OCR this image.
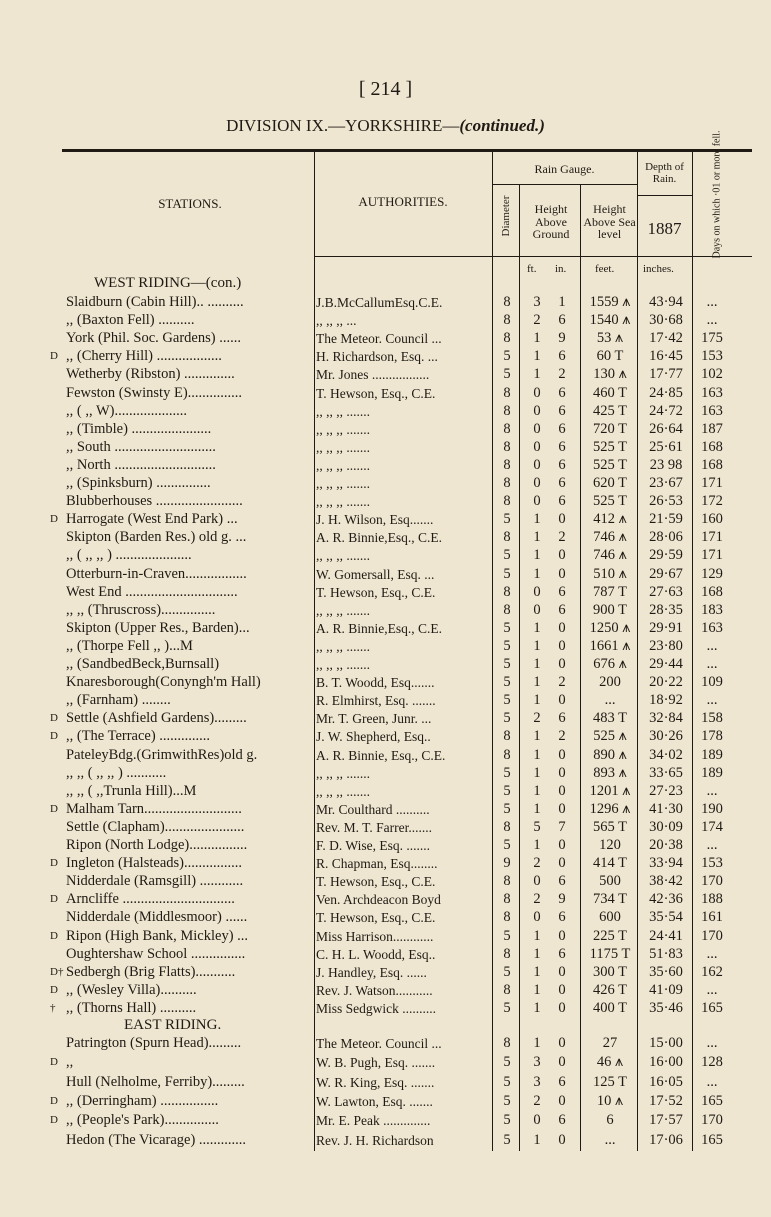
[ 214 ]
DIVISION IX.—YORKSHIRE—(continued.)
STATIONS.	AUTHORITIES.
Rain Gauge.
Diameter	Height Above Ground
Height Above Sea level
Depth of Rain.
1887	Days on which ·01 or more fell.
ft. in.	feet.	inches.
WEST RIDING—(con.)
Slaidburn (Cabin Hill).. ..........	J.B.McCallumEsq.C.E.	8	3	1	1559 ⩚	43·94	...
,, (Baxton Fell) ..........	,, ,, ,, ...	8	2	6	1540 ⩚	30·68	...
York (Phil. Soc. Gardens) ......	The Meteor. Council ...	8	1	9	53 ⩚	17·42	175
D ,, (Cherry Hill) ..................	H. Richardson, Esq. ...	5	1	6	60 T	16·45	153
Wetherby (Ribston) ..............	Mr. Jones .................	5	1	2	130 ⩚	17·77	102
Fewston (Swinsty E)...............	T. Hewson, Esq., C.E.	8	0	6	460 T	24·85	163
,, ( ,, W)....................	,, ,, ,, .......	8	0	6	425 T	24·72	163
,, (Timble) ......................	,, ,, ,, .......	8	0	6	720 T	26·64	187
,, South ............................	,, ,, ,, .......	8	0	6	525 T	25·61	168
,, North ............................	,, ,, ,, .......	8	0	6	525 T	23 98	168
,, (Spinksburn) ...............	,, ,, ,, .......	8	0	6	620 T	23·67	171
Blubberhouses ........................	,, ,, ,, .......	8	0	6	525 T	26·53	172
D Harrogate (West End Park) ...	J. H. Wilson, Esq.......	5	1	0	412 ⩚	21·59	160
Skipton (Barden Res.) old g. ...	A. R. Binnie,Esq., C.E.	8	1	2	746 ⩚	28·06	171
,, ( ,, ,, ) .....................	,, ,, ,, .......	5	1	0	746 ⩚	29·59	171
Otterburn-in-Craven.................	W. Gomersall, Esq. ...	5	1	0	510 ⩚	29·67	129
West End ...............................	T. Hewson, Esq., C.E.	8	0	6	787 T	27·63	168
,, ,, (Thruscross)...............	,, ,, ,, .......	8	0	6	900 T	28·35	183
Skipton (Upper Res., Barden)...	A. R. Binnie,Esq., C.E.	5	1	0	1250 ⩚	29·91	163
,, (Thorpe Fell ,, )...M	,, ,, ,, .......	5	1	0	1661 ⩚	23·80	...
,, (SandbedBeck,Burnsall)	,, ,, ,, .......	5	1	0	676 ⩚	29·44	...
Knaresborough(Conyngh'm Hall)	B. T. Woodd, Esq.......	5	1	2	200	20·22	109
,, (Farnham) ........	R. Elmhirst, Esq. .......	5	1	0	...	18·92	...
D Settle (Ashfield Gardens).........	Mr. T. Green, Junr. ...	5	2	6	483 T	32·84	158
D ,, (The Terrace) ..............	J. W. Shepherd, Esq..	8	1	2	525 ⩚	30·26	178
PateleyBdg.(GrimwithRes)old g.	A. R. Binnie, Esq., C.E.	8	1	0	890 ⩚	34·02	189
,, ,, ( ,, ,, ) ...........	,, ,, ,, .......	5	1	0	893 ⩚	33·65	189
,, ,, ( ,,Trunla Hill)...M	,, ,, ,, .......	5	1	0	1201 ⩚	27·23	...
D Malham Tarn...........................	Mr. Coulthard ..........	5	1	0	1296 ⩚	41·30	190
Settle (Clapham)......................	Rev. M. T. Farrer.......	8	5	7	565 T	30·09	174
Ripon (North Lodge)................	F. D. Wise, Esq. .......	5	1	0	120	20·38	...
D Ingleton (Halsteads)................	R. Chapman, Esq........	9	2	0	414 T	33·94	153
Nidderdale (Ramsgill) ............	T. Hewson, Esq., C.E.	8	0	6	500	38·42	170
D Arncliffe ...............................	Ven. Archdeacon Boyd	8	2	9	734 T	42·36	188
Nidderdale (Middlesmoor) ......	T. Hewson, Esq., C.E.	8	0	6	600	35·54	161
D Ripon (High Bank, Mickley) ...	Miss Harrison............	5	1	0	225 T	24·41	170
Oughtershaw School ...............	C. H. L. Woodd, Esq..	8	1	6	1175 T	51·83	...
D† Sedbergh (Brig Flatts)...........	J. Handley, Esq. ......	5	1	0	300 T	35·60	162
D ,, (Wesley Villa)..........	Rev. J. Watson...........	8	1	0	426 T	41·09	...
† ,, (Thorns Hall) ..........	Miss Sedgwick ..........	5	1	0	400 T	35·46	165
EAST RIDING.
Patrington (Spurn Head).........	The Meteor. Council ...	8	1	0	27	15·00	...
D ,,	W. B. Pugh, Esq. .......	5	3	0	46 ⩚	16·00	128
Hull (Nelholme, Ferriby).........	W. R. King, Esq. .......	5	3	6	125 T	16·05	...
D ,, (Derringham) ................	W. Lawton, Esq. .......	5	2	0	10 ⩚	17·52	165
D ,, (People's Park)...............	Mr. E. Peak ..............	5	0	6	6	17·57	170
Hedon (The Vicarage) .............	Rev. J. H. Richardson	5	1	0	...	17·06	165
